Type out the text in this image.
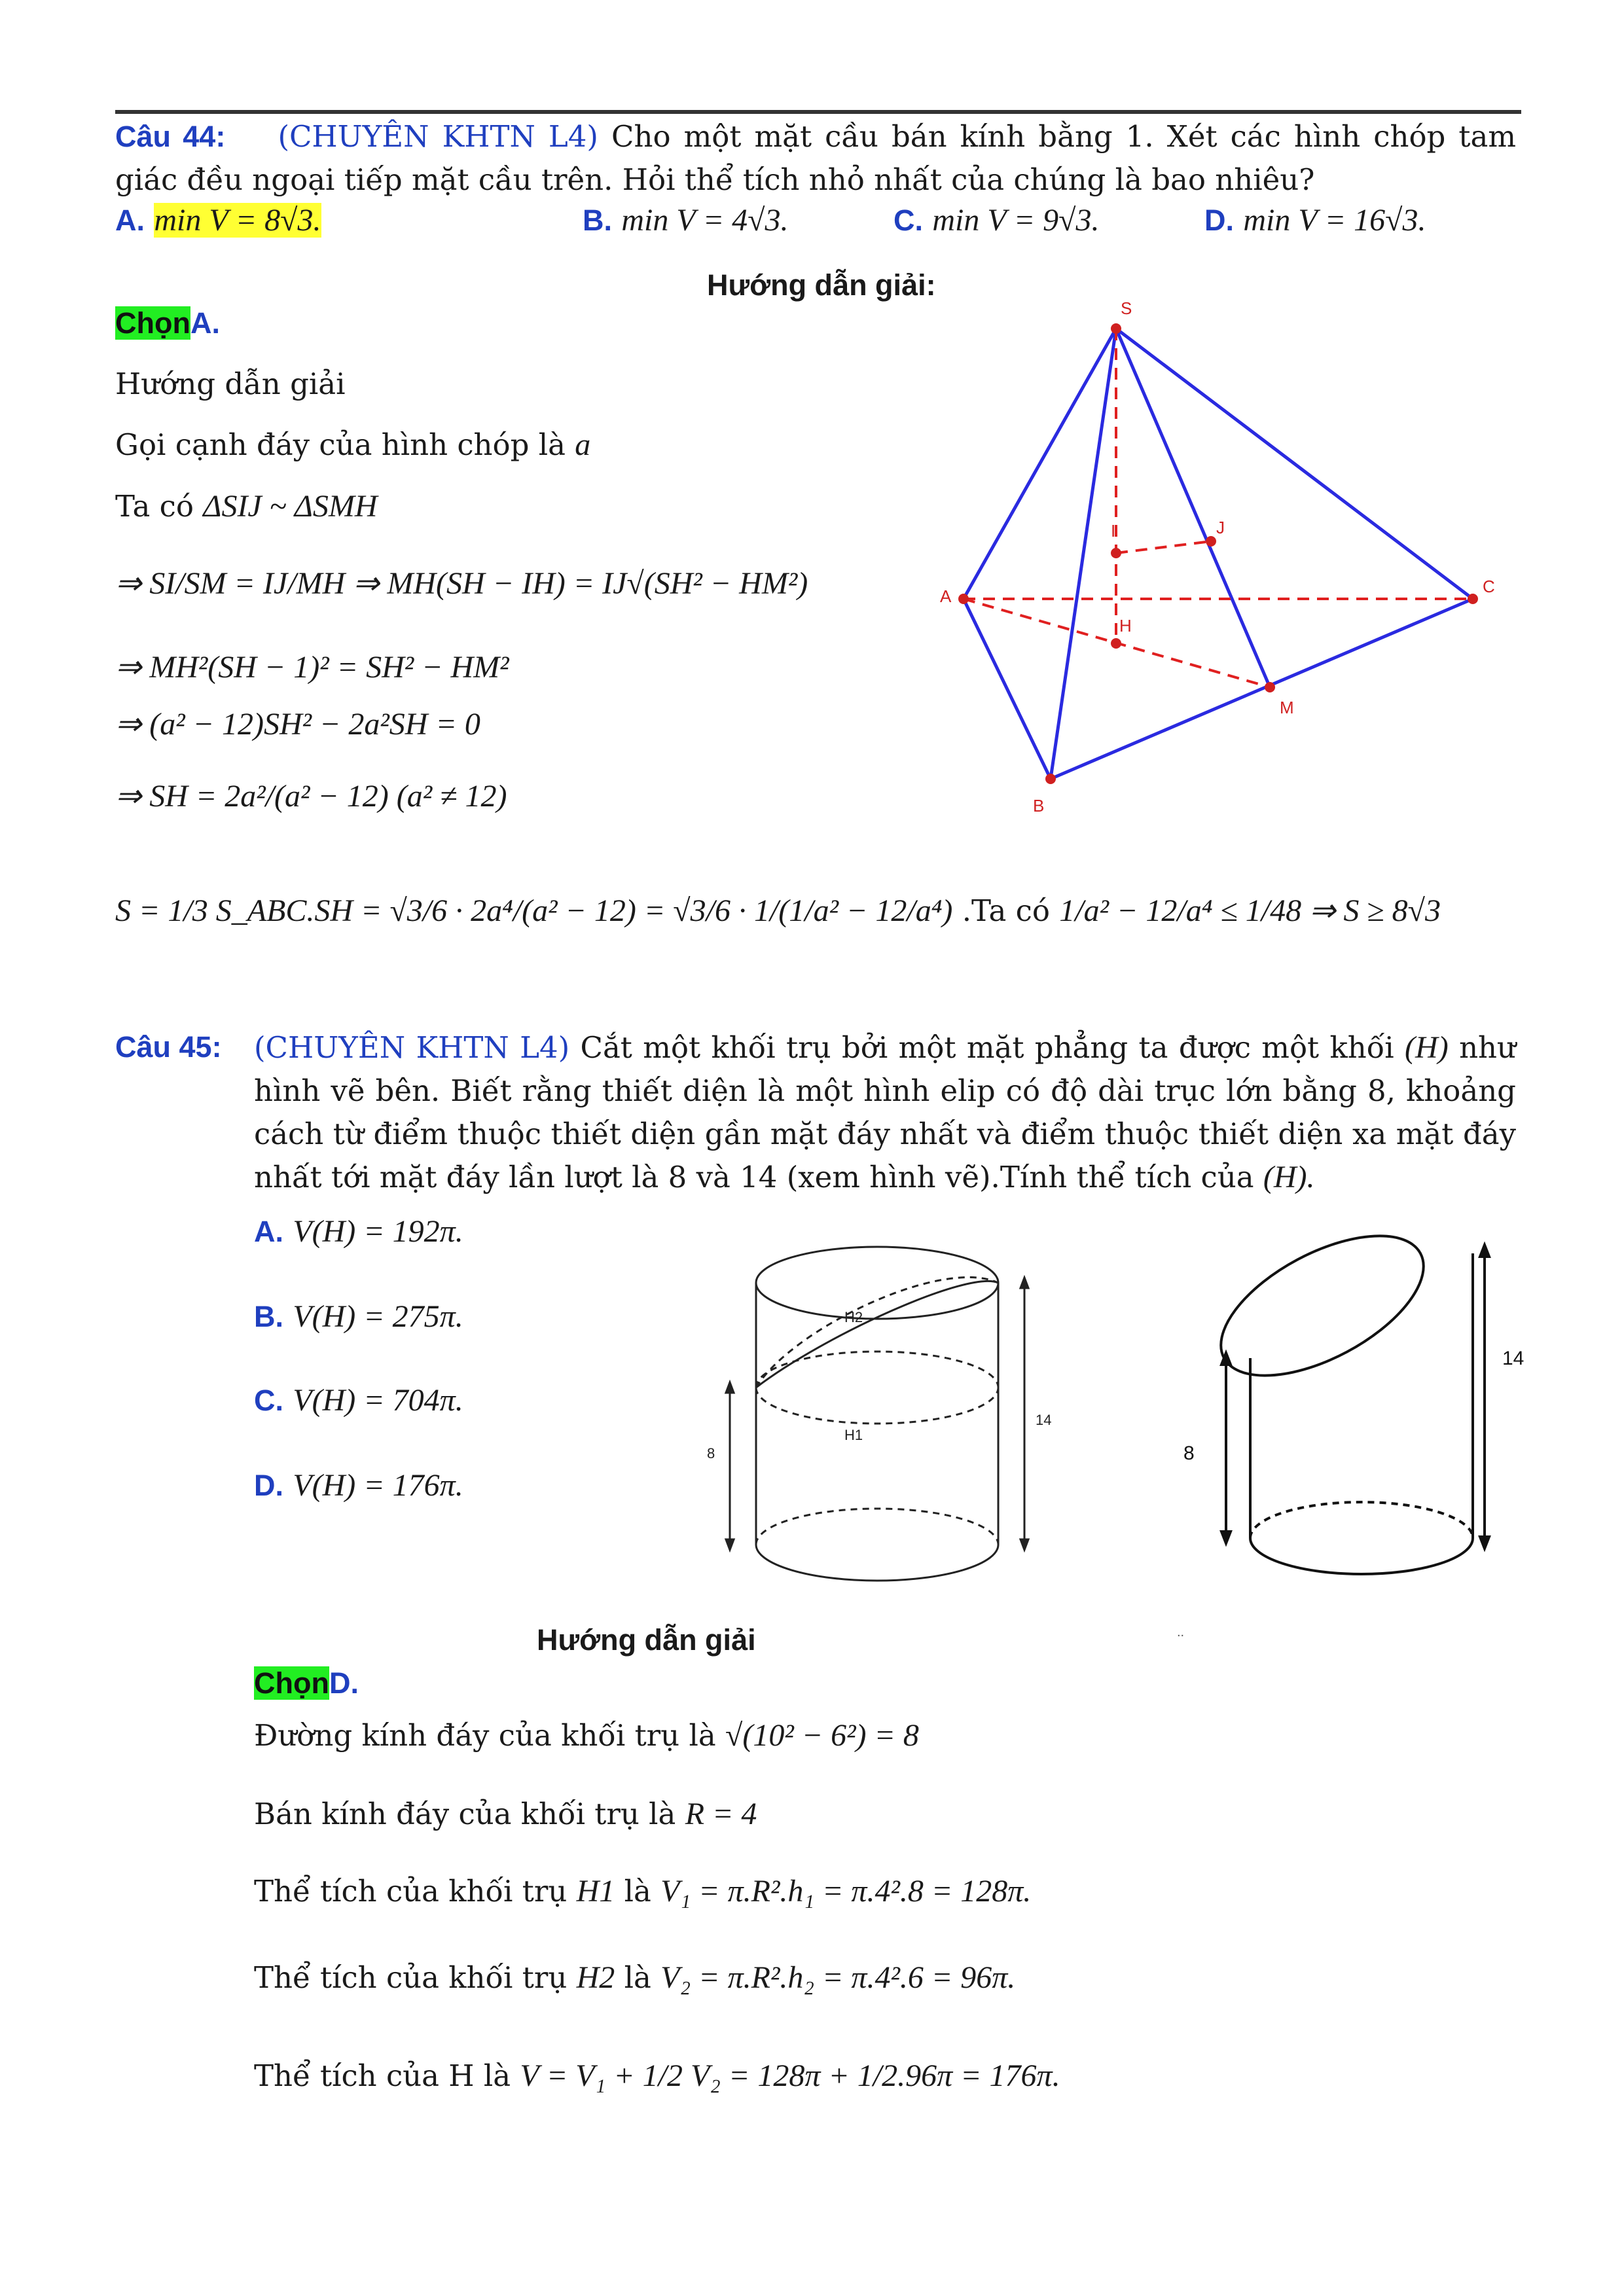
Câu 44: (CHUYÊN KHTN L4) Cho một mặt cầu bán kính bằng 1. Xét các hình chóp tam giác đều ngoại tiếp mặt cầu trên. Hỏi thể tích nhỏ nhất của chúng là bao nhiêu?
A. min V = 8√3.	B. min V = 4√3.	C. min V = 9√3.	D. min V = 16√3.
Hướng dẫn giải:
ChọnA.
Hướng dẫn giải
Gọi cạnh đáy của hình chóp là a
Ta có ΔSIJ ~ ΔSMH
⇒ SI/SM = IJ/MH ⇒ MH(SH − IH) = IJ√(SH² − HM²)
⇒ MH²(SH − 1)² = SH² − HM²
⇒ (a² − 12)SH² − 2a²SH = 0
⇒ SH = 2a²/(a² − 12) (a² ≠ 12)
S = 1/3 S_ABC.SH = √3/6 · 2a⁴/(a² − 12) = √3/6 · 1/(1/a² − 12/a⁴) .Ta có 1/a² − 12/a⁴ ≤ 1/48 ⇒ S ≥ 8√3
S
A
B
C
I	J
H
M
Câu 45: (CHUYÊN KHTN L4) Cắt một khối trụ bởi một mặt phẳng ta được một khối (H) như hình vẽ bên. Biết rằng thiết diện là một hình elip có độ dài trục lớn bằng 8, khoảng cách từ điểm thuộc thiết diện gần mặt đáy nhất và điểm thuộc thiết diện xa mặt đáy nhất tới mặt đáy lần lượt là 8 và 14 (xem hình vẽ).Tính thể tích của (H).
A. V(H) = 192π.
B. V(H) = 275π.
C. V(H) = 704π.
D. V(H) = 176π.
H2
H1
8
14
8
14
..
Hướng dẫn giải
ChọnD.
Đường kính đáy của khối trụ là √(10² − 6²) = 8
Bán kính đáy của khối trụ là R = 4
Thể tích của khối trụ H1 là V₁ = π.R².h₁ = π.4².8 = 128π.
Thể tích của khối trụ H2 là V₂ = π.R².h₂ = π.4².6 = 96π.
Thể tích của H là V = V₁ + 1/2 V₂ = 128π + 1/2.96π = 176π.
